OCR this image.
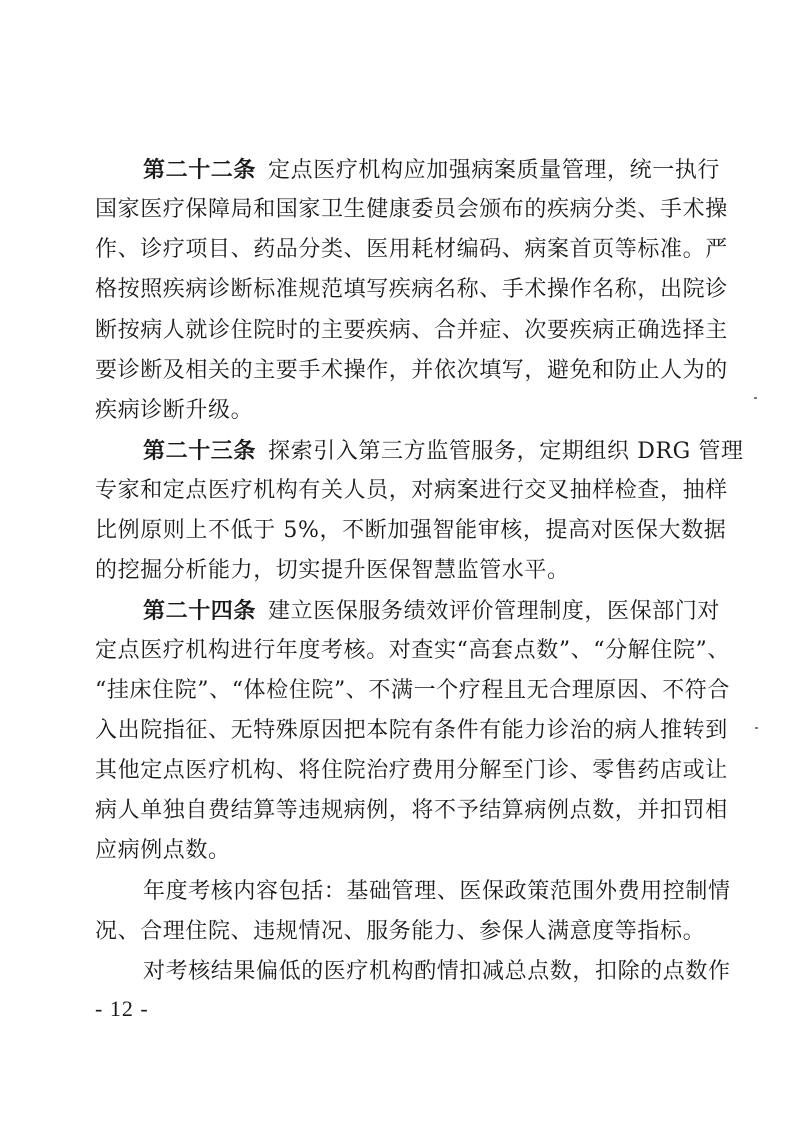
第二十二条 定点医疗机构应加强病案质量管理，统一执行
国家医疗保障局和国家卫生健康委员会颁布的疾病分类、手术操
作、诊疗项目、药品分类、医用耗材编码、病案首页等标准。严
格按照疾病诊断标准规范填写疾病名称、手术操作名称，出院诊
断按病人就诊住院时的主要疾病、合并症、次要疾病正确选择主
要诊断及相关的主要手术操作，并依次填写，避免和防止人为的
疾病诊断升级。
第二十三条 探索引入第三方监管服务，定期组织 DRG 管理
专家和定点医疗机构有关人员，对病案进行交叉抽样检查，抽样
比例原则上不低于 5%，不断加强智能审核，提高对医保大数据
的挖掘分析能力，切实提升医保智慧监管水平。
第二十四条 建立医保服务绩效评价管理制度，医保部门对
定点医疗机构进行年度考核。对查实“高套点数”、“分解住院”、
“挂床住院”、“体检住院”、不满一个疗程且无合理原因、不符合
入出院指征、无特殊原因把本院有条件有能力诊治的病人推转到
其他定点医疗机构、将住院治疗费用分解至门诊、零售药店或让
病人单独自费结算等违规病例，将不予结算病例点数，并扣罚相
应病例点数。
年度考核内容包括：基础管理、医保政策范围外费用控制情
况、合理住院、违规情况、服务能力、参保人满意度等指标。
对考核结果偏低的医疗机构酌情扣减总点数，扣除的点数作
- 12 -
